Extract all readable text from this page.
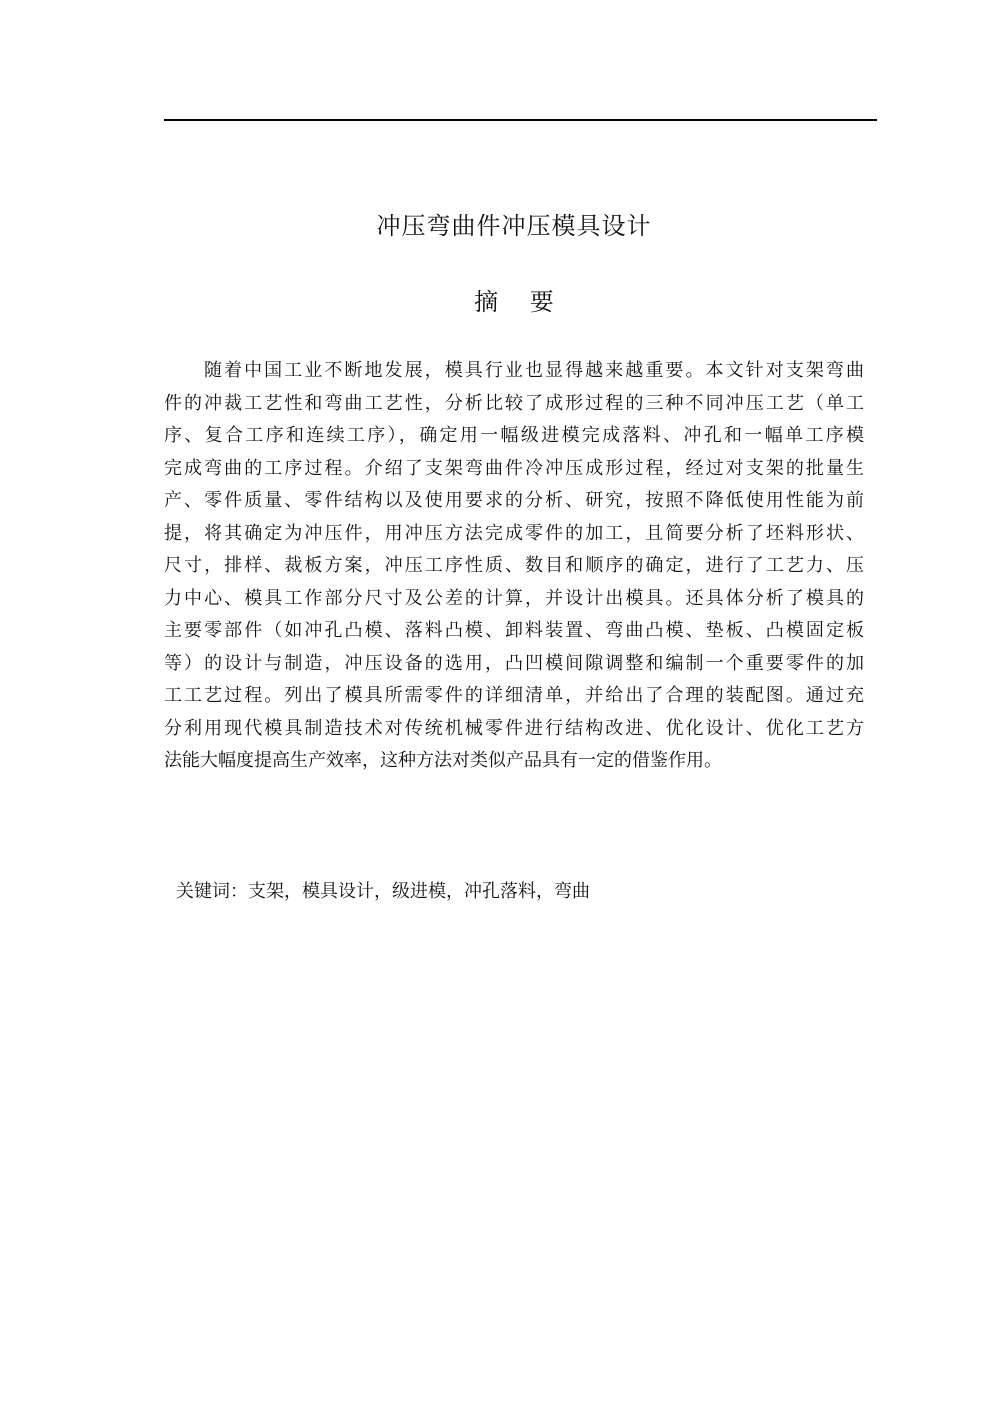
冲压弯曲件冲压模具设计
摘 要
随着中国工业不断地发展，模具行业也显得越来越重要。本文针对支架弯曲
件的冲裁工艺性和弯曲工艺性，分析比较了成形过程的三种不同冲压工艺（单工
序、复合工序和连续工序），确定用一幅级进模完成落料、冲孔和一幅单工序模
完成弯曲的工序过程。介绍了支架弯曲件冷冲压成形过程，经过对支架的批量生
产、零件质量、零件结构以及使用要求的分析、研究，按照不降低使用性能为前
提，将其确定为冲压件，用冲压方法完成零件的加工，且简要分析了坯料形状、
尺寸，排样、裁板方案，冲压工序性质、数目和顺序的确定，进行了工艺力、压
力中心、模具工作部分尺寸及公差的计算，并设计出模具。还具体分析了模具的
主要零部件（如冲孔凸模、落料凸模、卸料装置、弯曲凸模、垫板、凸模固定板
等）的设计与制造，冲压设备的选用，凸凹模间隙调整和编制一个重要零件的加
工工艺过程。列出了模具所需零件的详细清单，并给出了合理的装配图。通过充
分利用现代模具制造技术对传统机械零件进行结构改进、优化设计、优化工艺方
法能大幅度提高生产效率，这种方法对类似产品具有一定的借鉴作用。
关键词：支架，模具设计，级进模，冲孔落料，弯曲
